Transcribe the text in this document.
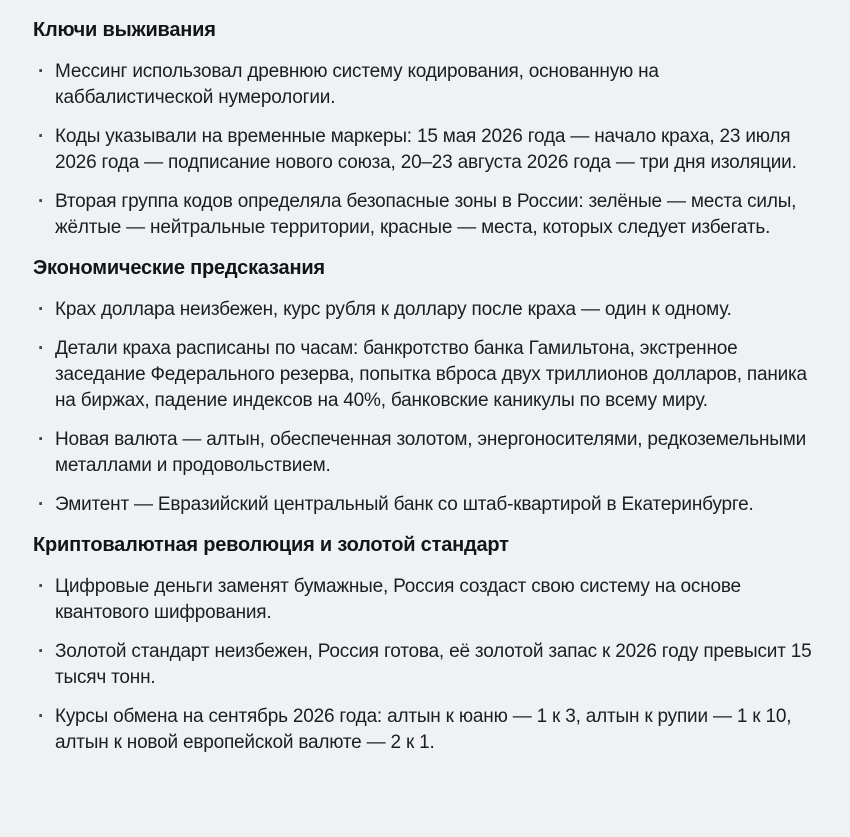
Ключи выживания
· Мессинг использовал древнюю систему кодирования, основанную на каббалистической нумерологии.
· Коды указывали на временные маркеры: 15 мая 2026 года — начало краха, 23 июля 2026 года — подписание нового союза, 20–23 августа 2026 года — три дня изоляции.
· Вторая группа кодов определяла безопасные зоны в России: зелёные — места силы, жёлтые — нейтральные территории, красные — места, которых следует избегать.
Экономические предсказания
· Крах доллара неизбежен, курс рубля к доллару после краха — один к одному.
· Детали краха расписаны по часам: банкротство банка Гамильтона, экстренное заседание Федерального резерва, попытка вброса двух триллионов долларов, паника на биржах, падение индексов на 40%, банковские каникулы по всему миру.
· Новая валюта — алтын, обеспеченная золотом, энергоносителями, редкоземельными металлами и продовольствием.
· Эмитент — Евразийский центральный банк со штаб-квартирой в Екатеринбурге.
Криптовалютная революция и золотой стандарт
· Цифровые деньги заменят бумажные, Россия создаст свою систему на основе квантового шифрования.
· Золотой стандарт неизбежен, Россия готова, её золотой запас к 2026 году превысит 15 тысяч тонн.
· Курсы обмена на сентябрь 2026 года: алтын к юаню — 1 к 3, алтын к рупии — 1 к 10, алтын к новой европейской валюте — 2 к 1.
